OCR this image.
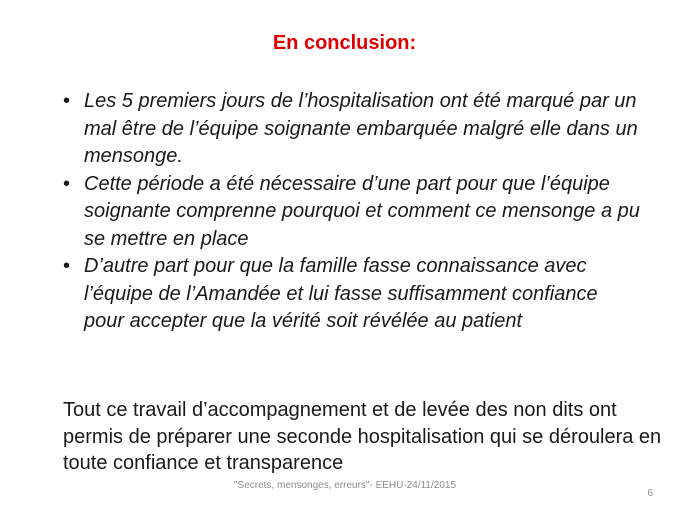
En conclusion:
• Les 5 premiers jours de l’hospitalisation ont été marqué par un mal être de l’équipe soignante embarquée malgré elle dans un mensonge.
• Cette période a été nécessaire d’une part pour que l’équipe soignante comprenne pourquoi et comment ce mensonge a pu se mettre en place
• D’autre part pour que la famille fasse connaissance avec l’équipe de l’Amandée et lui fasse suffisamment confiance pour accepter que la vérité soit révélée au patient

Tout ce travail d’accompagnement et de levée des non dits ont permis de préparer une seconde hospitalisation qui se déroulera en toute confiance et transparence

"Secrets, mensonges, erreurs"- EEHU-24/11/2015

6
